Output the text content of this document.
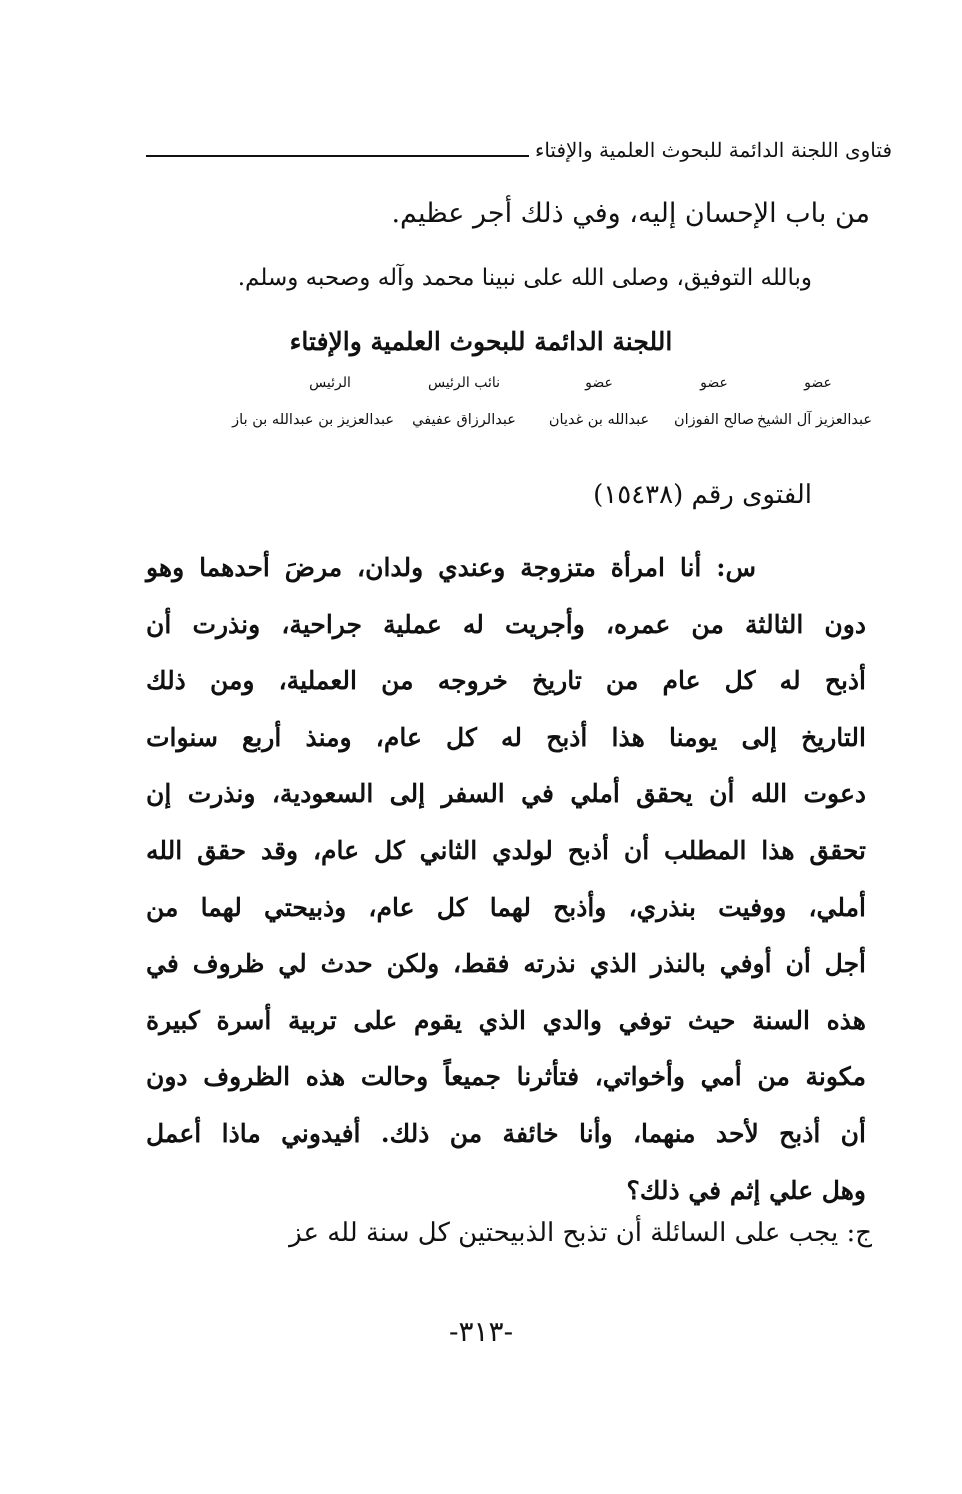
فتاوى اللجنة الدائمة للبحوث العلمية والإفتاء
من باب الإحسان إليه، وفي ذلك أجر عظيم.
وبالله التوفيق، وصلى الله على نبينا محمد وآله وصحبه وسلم.
اللجنة الدائمة للبحوث العلمية والإفتاء
عضو
عضو
عضو
نائب الرئيس
الرئيس
عبدالعزيز آل الشيخ
صالح الفوزان
عبدالله بن غديان
عبدالرزاق عفيفي
عبدالعزيز بن عبدالله بن باز
الفتوى رقم (١٥٤٣٨)
س: أنا امرأة متزوجة وعندي ولدان، مرضَ أحدهما وهو
دون الثالثة من عمره، وأجريت له عملية جراحية، ونذرت أن
أذبح له كل عام من تاريخ خروجه من العملية، ومن ذلك
التاريخ إلى يومنا هذا أذبح له كل عام، ومنذ أربع سنوات
دعوت الله أن يحقق أملي في السفر إلى السعودية، ونذرت إن
تحقق هذا المطلب أن أذبح لولدي الثاني كل عام، وقد حقق الله
أملي، ووفيت بنذري، وأذبح لهما كل عام، وذبيحتي لهما من
أجل أن أوفي بالنذر الذي نذرته فقط، ولكن حدث لي ظروف في
هذه السنة حيث توفي والدي الذي يقوم على تربية أسرة كبيرة
مكونة من أمي وأخواتي، فتأثرنا جميعاً وحالت هذه الظروف دون
أن أذبح لأحد منهما، وأنا خائفة من ذلك. أفيدوني ماذا أعمل
وهل علي إثم في ذلك؟
ج: يجب على السائلة أن تذبح الذبيحتين كل سنة لله عز
-٣١٣-
